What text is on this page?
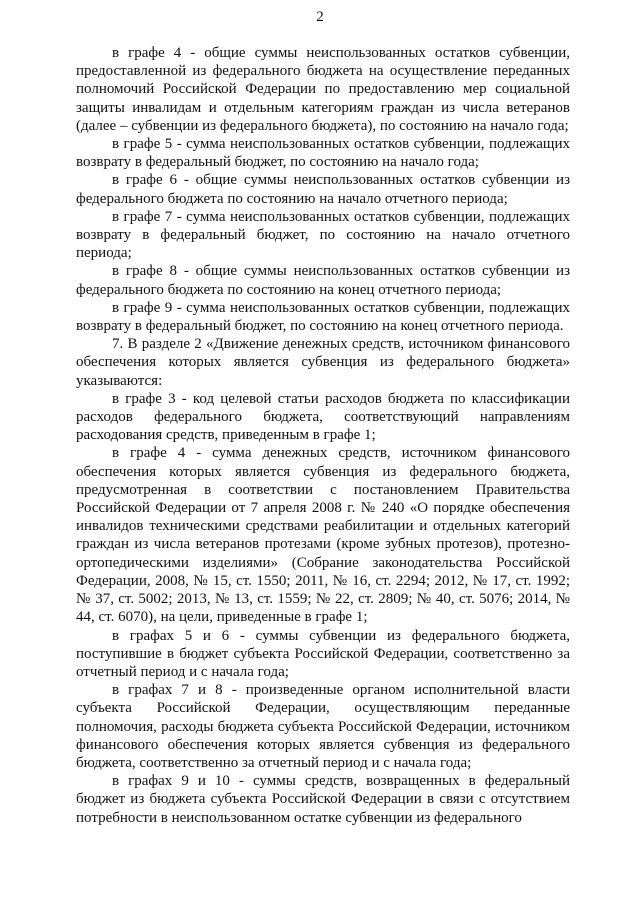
2

в графе 4 - общие суммы неиспользованных остатков субвенции, предоставленной из федерального бюджета на осуществление переданных полномочий Российской Федерации по предоставлению мер социальной защиты инвалидам и отдельным категориям граждан из числа ветеранов (далее – субвенции из федерального бюджета), по состоянию на начало года;

в графе 5 - сумма неиспользованных остатков субвенции, подлежащих возврату в федеральный бюджет, по состоянию на начало года;

в графе 6 - общие суммы неиспользованных остатков субвенции из федерального бюджета по состоянию на начало отчетного периода;

в графе 7 - сумма неиспользованных остатков субвенции, подлежащих возврату в федеральный бюджет, по состоянию на начало отчетного периода;

в графе 8 - общие суммы неиспользованных остатков субвенции из федерального бюджета по состоянию на конец отчетного периода;

в графе 9 - сумма неиспользованных остатков субвенции, подлежащих возврату в федеральный бюджет, по состоянию на конец отчетного периода.

7. В разделе 2 «Движение денежных средств, источником финансового обеспечения которых является субвенция из федерального бюджета» указываются:

в графе 3 - код целевой статьи расходов бюджета по классификации расходов федерального бюджета, соответствующий направлениям расходования средств, приведенным в графе 1;

в графе 4 - сумма денежных средств, источником финансового обеспечения которых является субвенция из федерального бюджета, предусмотренная в соответствии с постановлением Правительства Российской Федерации от 7 апреля 2008 г. № 240 «О порядке обеспечения инвалидов техническими средствами реабилитации и отдельных категорий граждан из числа ветеранов протезами (кроме зубных протезов), протезно-ортопедическими изделиями» (Собрание законодательства Российской Федерации, 2008, № 15, ст. 1550; 2011, № 16, ст. 2294; 2012, № 17, ст. 1992; № 37, ст. 5002; 2013, № 13, ст. 1559; № 22, ст. 2809; № 40, ст. 5076; 2014, № 44, ст. 6070), на цели, приведенные в графе 1;

в графах 5 и 6 - суммы субвенции из федерального бюджета, поступившие в бюджет субъекта Российской Федерации, соответственно за отчетный период и с начала года;

в графах 7 и 8 - произведенные органом исполнительной власти субъекта Российской Федерации, осуществляющим переданные полномочия, расходы бюджета субъекта Российской Федерации, источником финансового обеспечения которых является субвенция из федерального бюджета, соответственно за отчетный период и с начала года;

в графах 9 и 10 - суммы средств, возвращенных в федеральный бюджет из бюджета субъекта Российской Федерации в связи с отсутствием потребности в неиспользованном остатке субвенции из федерального
